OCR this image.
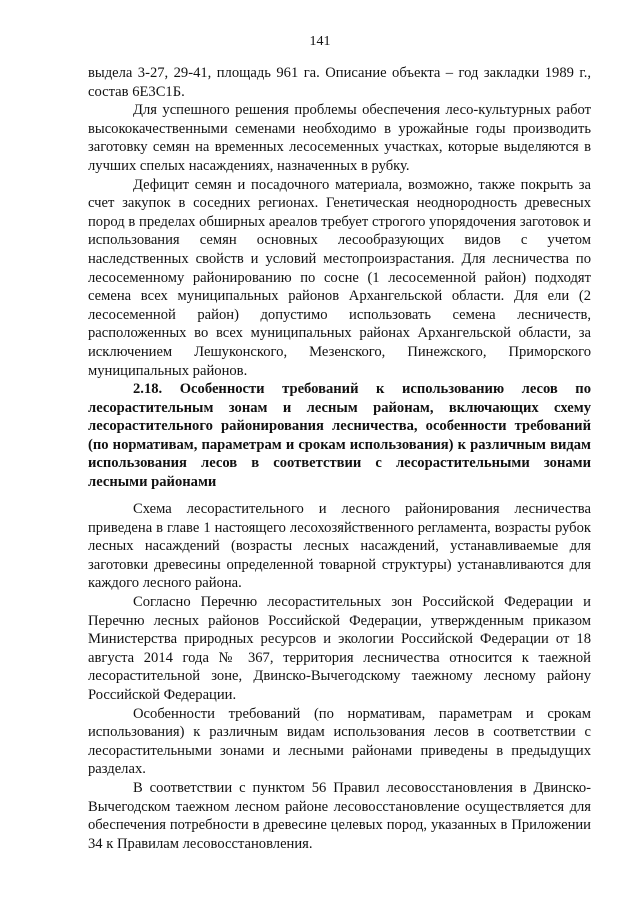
141

выдела 3-27, 29-41, площадь 961 га. Описание объекта – год закладки 1989 г., состав 6Е3С1Б.

Для успешного решения проблемы обеспечения лесо-культурных работ высококачественными семенами необходимо в урожайные годы производить заготовку семян на временных лесосеменных участках, которые выделяются в лучших спелых насаждениях, назначенных в рубку.

Дефицит семян и посадочного материала, возможно, также покрыть за счет закупок в соседних регионах. Генетическая неоднородность древесных пород в пределах обширных ареалов требует строгого упорядочения заготовок и использования семян основных лесообразующих видов с учетом наследственных свойств и условий местопроизрастания. Для лесничества по лесосеменному районированию по сосне (1 лесосеменной район) подходят семена всех муниципальных районов Архангельской области. Для ели (2 лесосеменной район) допустимо использовать семена лесничеств, расположенных во всех муниципальных районах Архангельской области, за исключением Лешуконского, Мезенского, Пинежского, Приморского муниципальных районов.

2.18. Особенности требований к использованию лесов по лесорастительным зонам и лесным районам, включающих схему лесорастительного районирования лесничества, особенности требований (по нормативам, параметрам и срокам использования) к различным видам использования лесов в соответствии с лесорастительными зонами лесными районами

Схема лесорастительного и лесного районирования лесничества приведена в главе 1 настоящего лесохозяйственного регламента, возрасты рубок лесных насаждений (возрасты лесных насаждений, устанавливаемые для заготовки древесины определенной товарной структуры) устанавливаются для каждого лесного района.

Согласно Перечню лесорастительных зон Российской Федерации и Перечню лесных районов Российской Федерации, утвержденным приказом Министерства природных ресурсов и экологии Российской Федерации от 18 августа 2014 года № 367, территория лесничества относится к таежной лесорастительной зоне, Двинско-Вычегодскому таежному лесному району Российской Федерации.

Особенности требований (по нормативам, параметрам и срокам использования) к различным видам использования лесов в соответствии с лесорастительными зонами и лесными районами приведены в предыдущих разделах.

В соответствии с пунктом 56 Правил лесовосстановления в Двинско-Вычегодском таежном лесном районе лесовосстановление осуществляется для обеспечения потребности в древесине целевых пород, указанных в Приложении 34 к Правилам лесовосстановления.
